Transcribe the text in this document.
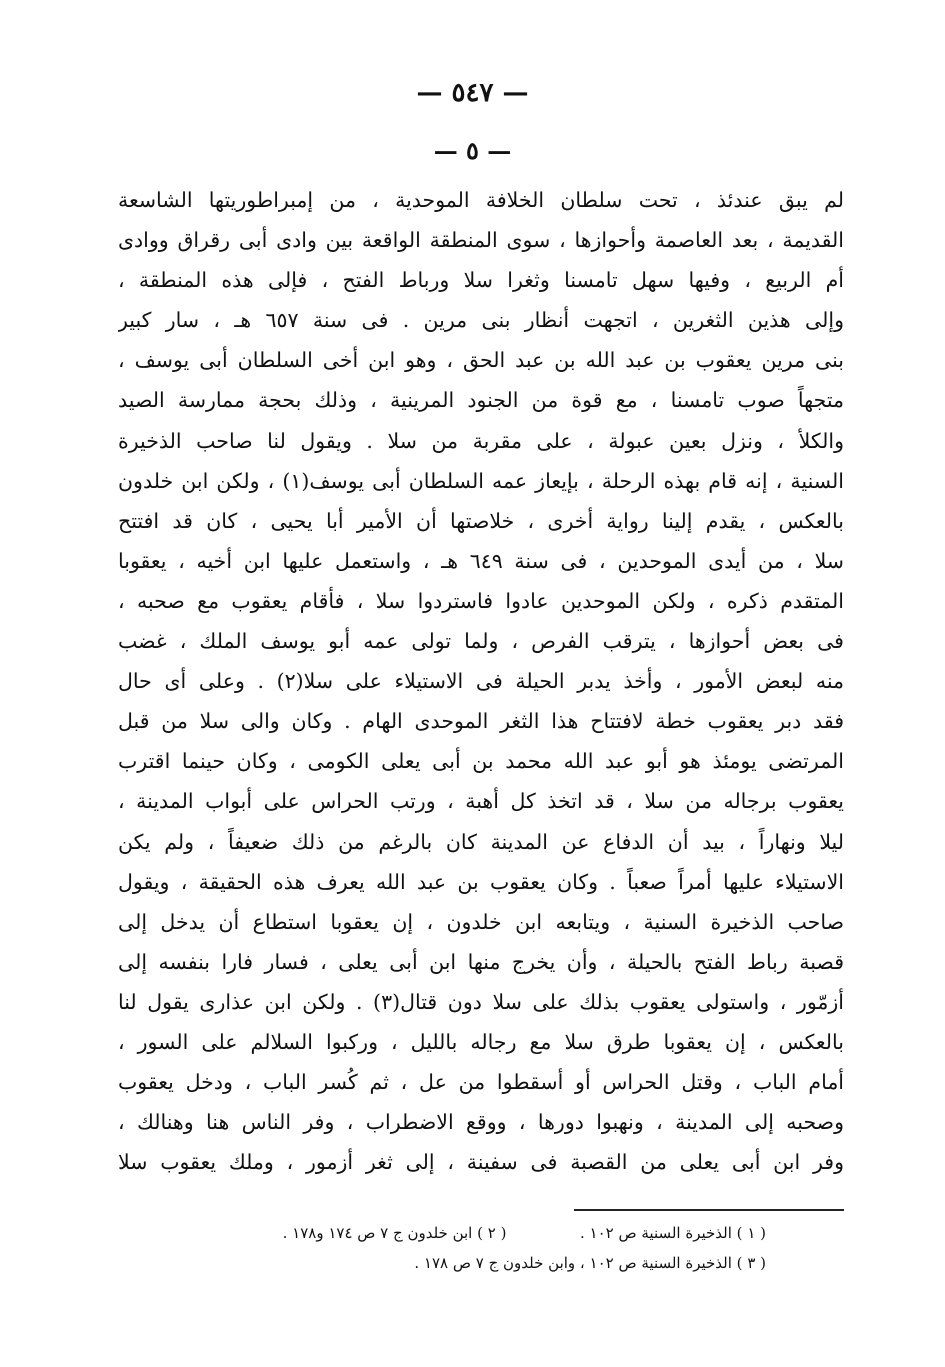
— ٥٤٧ —
— ٥ —
لم يبق عندئذ ، تحت سلطان الخلافة الموحدية ، من إمبراطوريتها الشاسعة
القديمة ، بعد العاصمة وأحوازها ، سوى المنطقة الواقعة بين وادى أبى رقراق ووادى
أم الربيع ، وفيها سهل تامسنا وثغرا سلا ورباط الفتح ، فإلى هذه المنطقة ،
وإلى هذين الثغرين ، اتجهت أنظار بنى مرين . فى سنة ٦٥٧ هـ ، سار كبير
بنى مرين يعقوب بن عبد الله بن عبد الحق ، وهو ابن أخى السلطان أبى يوسف ،
متجهاً صوب تامسنا ، مع قوة من الجنود المرينية ، وذلك بحجة ممارسة الصيد
والكلأ ، ونزل بعين عبولة ، على مقربة من سلا . ويقول لنا صاحب الذخيرة
السنية ، إنه قام بهذه الرحلة ، بإيعاز عمه السلطان أبى يوسف(١) ، ولكن ابن خلدون
بالعكس ، يقدم إلينا رواية أخرى ، خلاصتها أن الأمير أبا يحيى ، كان قد افتتح
سلا ، من أيدى الموحدين ، فى سنة ٦٤٩ هـ ، واستعمل عليها ابن أخيه ، يعقوبا
المتقدم ذكره ، ولكن الموحدين عادوا فاستردوا سلا ، فأقام يعقوب مع صحبه ،
فى بعض أحوازها ، يترقب الفرص ، ولما تولى عمه أبو يوسف الملك ، غضب
منه لبعض الأمور ، وأخذ يدبر الحيلة فى الاستيلاء على سلا(٢) . وعلى أى حال
فقد دبر يعقوب خطة لافتتاح هذا الثغر الموحدى الهام . وكان والى سلا من قبل
المرتضى يومئذ هو أبو عبد الله محمد بن أبى يعلى الكومى ، وكان حينما اقترب
يعقوب برجاله من سلا ، قد اتخذ كل أهبة ، ورتب الحراس على أبواب المدينة ،
ليلا ونهاراً ، بيد أن الدفاع عن المدينة كان بالرغم من ذلك ضعيفاً ، ولم يكن
الاستيلاء عليها أمراً صعباً . وكان يعقوب بن عبد الله يعرف هذه الحقيقة ، ويقول
صاحب الذخيرة السنية ، ويتابعه ابن خلدون ، إن يعقوبا استطاع أن يدخل إلى
قصبة رباط الفتح بالحيلة ، وأن يخرج منها ابن أبى يعلى ، فسار فارا بنفسه إلى
أزمّور ، واستولى يعقوب بذلك على سلا دون قتال(٣) . ولكن ابن عذارى يقول لنا
بالعكس ، إن يعقوبا طرق سلا مع رجاله بالليل ، وركبوا السلالم على السور ،
أمام الباب ، وقتل الحراس أو أسقطوا من عل ، ثم كُسر الباب ، ودخل يعقوب
وصحبه إلى المدينة ، ونهبوا دورها ، ووقع الاضطراب ، وفر الناس هنا وهنالك ،
وفر ابن أبى يعلى من القصبة فى سفينة ، إلى ثغر أزمور ، وملك يعقوب سلا
( ١ ) الذخيرة السنية ص ١٠٢ .  ( ٢ ) ابن خلدون ج ٧ ص ١٧٤ و١٧٨ .
( ٣ ) الذخيرة السنية ص ١٠٢ ، وابن خلدون ج ٧ ص ١٧٨ .
